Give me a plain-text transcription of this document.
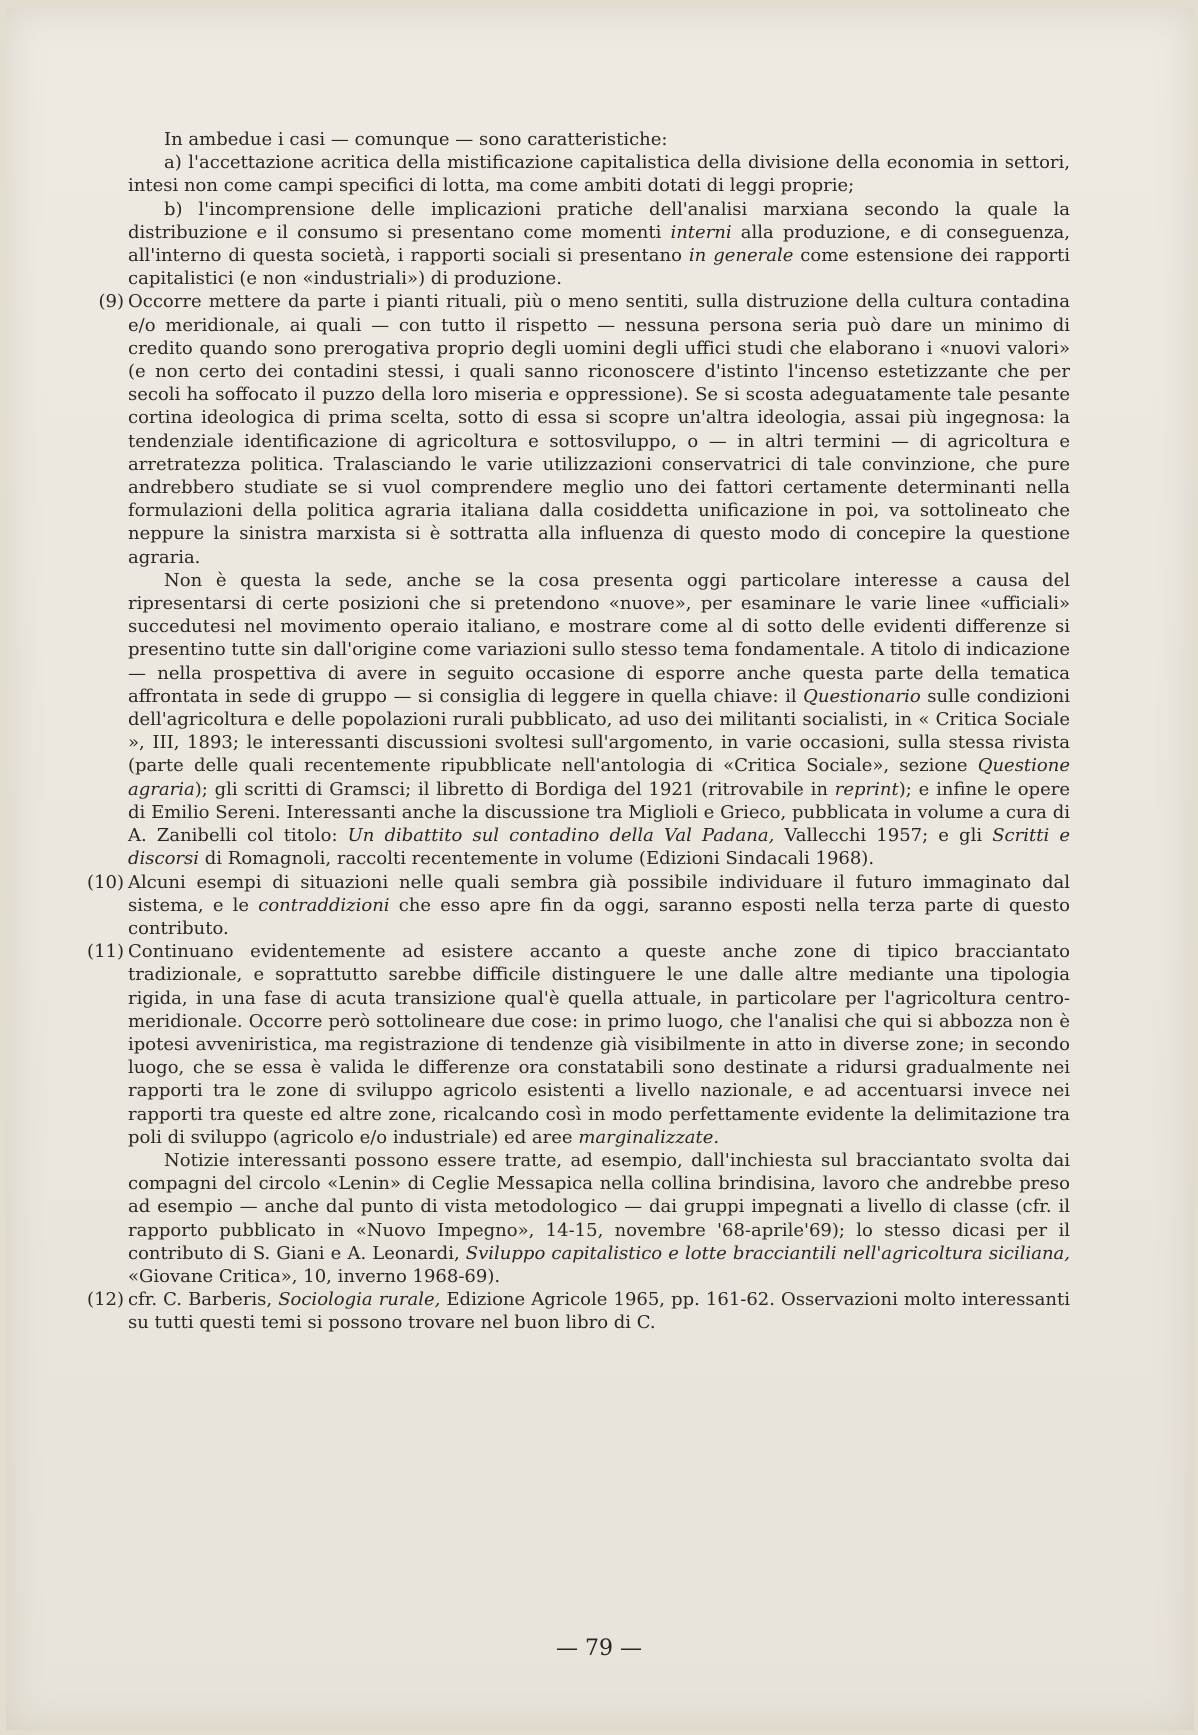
In ambedue i casi — comunque — sono caratteristiche:

a) l'accettazione acritica della mistificazione capitalistica della divisione della economia in settori, intesi non come campi specifici di lotta, ma come ambiti dotati di leggi proprie;

b) l'incomprensione delle implicazioni pratiche dell'analisi marxiana secondo la quale la distribuzione e il consumo si presentano come momenti interni alla produzione, e di conseguenza, all'interno di questa società, i rapporti sociali si presentano in generale come estensione dei rapporti capitalistici (e non «industriali») di produzione.

(9) Occorre mettere da parte i pianti rituali, più o meno sentiti, sulla distruzione della cultura contadina e/o meridionale, ai quali — con tutto il rispetto — nessuna persona seria può dare un minimo di credito quando sono prerogativa proprio degli uomini degli uffici studi che elaborano i «nuovi valori» (e non certo dei contadini stessi, i quali sanno riconoscere d'istinto l'incenso estetizzante che per secoli ha soffocato il puzzo della loro miseria e oppressione). Se si scosta adeguatamente tale pesante cortina ideologica di prima scelta, sotto di essa si scopre un'altra ideologia, assai più ingegnosa: la tendenziale identificazione di agricoltura e sottosviluppo, o — in altri termini — di agricoltura e arretratezza politica. Tralasciando le varie utilizzazioni conservatrici di tale convinzione, che pure andrebbero studiate se si vuol comprendere meglio uno dei fattori certamente determinanti nella formulazioni della politica agraria italiana dalla cosiddetta unificazione in poi, va sottolineato che neppure la sinistra marxista si è sottratta alla influenza di questo modo di concepire la questione agraria.

Non è questa la sede, anche se la cosa presenta oggi particolare interesse a causa del ripresentarsi di certe posizioni che si pretendono «nuove», per esaminare le varie linee «ufficiali» succedutesi nel movimento operaio italiano, e mostrare come al di sotto delle evidenti differenze si presentino tutte sin dall'origine come variazioni sullo stesso tema fondamentale. A titolo di indicazione — nella prospettiva di avere in seguito occasione di esporre anche questa parte della tematica affrontata in sede di gruppo — si consiglia di leggere in quella chiave: il Questionario sulle condizioni dell'agricoltura e delle popolazioni rurali pubblicato, ad uso dei militanti socialisti, in « Critica Sociale », III, 1893; le interessanti discussioni svoltesi sull'argomento, in varie occasioni, sulla stessa rivista (parte delle quali recentemente ripubblicate nell'antologia di «Critica Sociale», sezione Questione agraria); gli scritti di Gramsci; il libretto di Bordiga del 1921 (ritrovabile in reprint); e infine le opere di Emilio Sereni. Interessanti anche la discussione tra Miglioli e Grieco, pubblicata in volume a cura di A. Zanibelli col titolo: Un dibattito sul contadino della Val Padana, Vallecchi 1957; e gli Scritti e discorsi di Romagnoli, raccolti recentemente in volume (Edizioni Sindacali 1968).

(10) Alcuni esempi di situazioni nelle quali sembra già possibile individuare il futuro immaginato dal sistema, e le contraddizioni che esso apre fin da oggi, saranno esposti nella terza parte di questo contributo.

(11) Continuano evidentemente ad esistere accanto a queste anche zone di tipico bracciantato tradizionale, e soprattutto sarebbe difficile distinguere le une dalle altre mediante una tipologia rigida, in una fase di acuta transizione qual'è quella attuale, in particolare per l'agricoltura centro-meridionale. Occorre però sottolineare due cose: in primo luogo, che l'analisi che qui si abbozza non è ipotesi avveniristica, ma registrazione di tendenze già visibilmente in atto in diverse zone; in secondo luogo, che se essa è valida le differenze ora constatabili sono destinate a ridursi gradualmente nei rapporti tra le zone di sviluppo agricolo esistenti a livello nazionale, e ad accentuarsi invece nei rapporti tra queste ed altre zone, ricalcando così in modo perfettamente evidente la delimitazione tra poli di sviluppo (agricolo e/o industriale) ed aree marginalizzate.

Notizie interessanti possono essere tratte, ad esempio, dall'inchiesta sul bracciantato svolta dai compagni del circolo «Lenin» di Ceglie Messapica nella collina brindisina, lavoro che andrebbe preso ad esempio — anche dal punto di vista metodologico — dai gruppi impegnati a livello di classe (cfr. il rapporto pubblicato in «Nuovo Impegno», 14-15, novembre '68-aprile'69); lo stesso dicasi per il contributo di S. Giani e A. Leonardi, Sviluppo capitalistico e lotte bracciantili nell'agricoltura siciliana, «Giovane Critica», 10, inverno 1968-69).

(12) cfr. C. Barberis, Sociologia rurale, Edizione Agricole 1965, pp. 161-62. Osservazioni molto interessanti su tutti questi temi si possono trovare nel buon libro di C.

— 79 —
